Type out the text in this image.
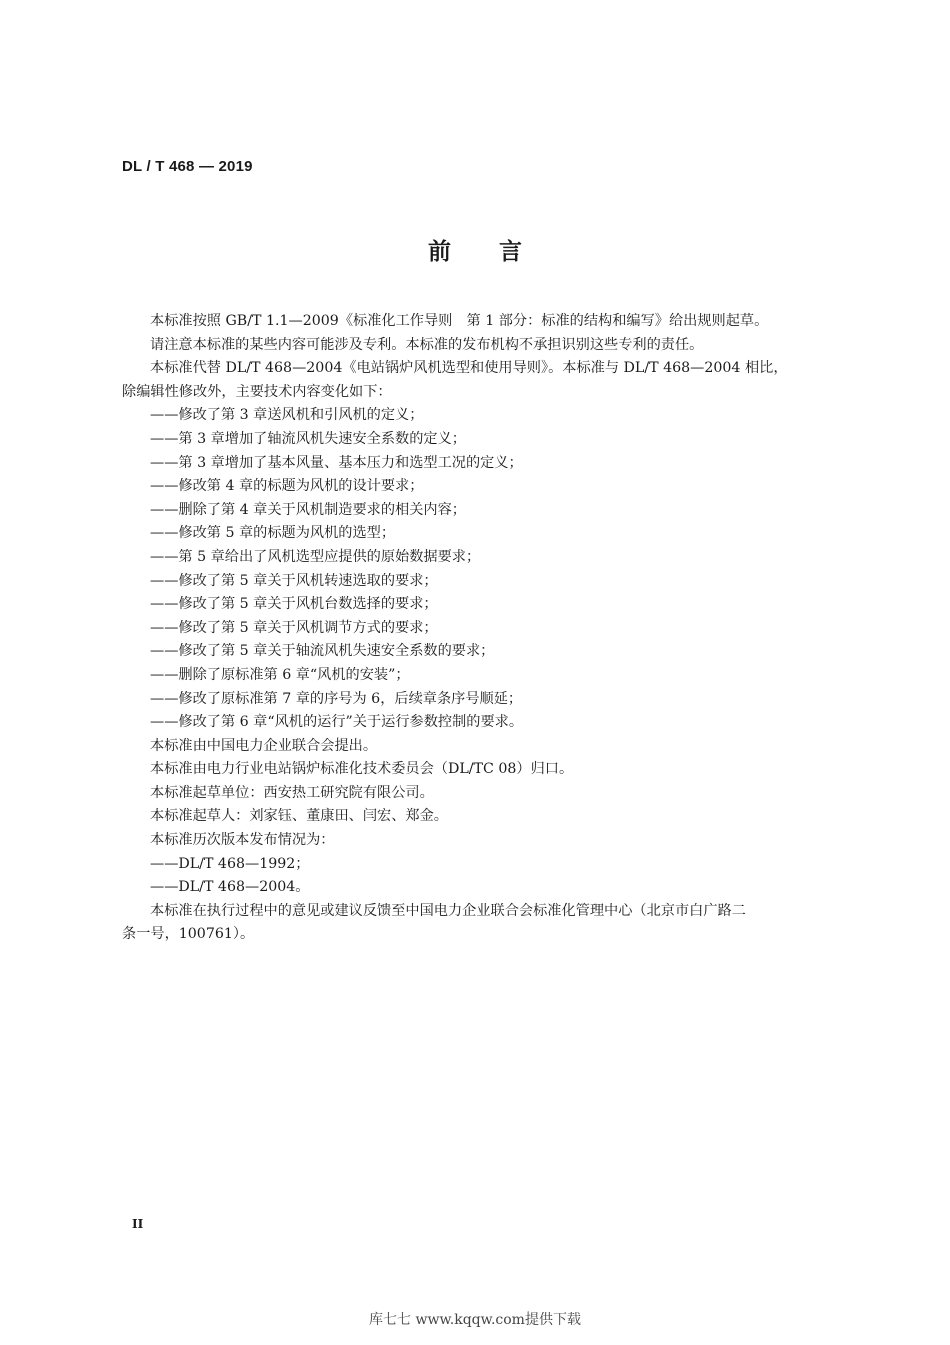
DL / T 468 — 2019
前言

本标准按照 GB/T 1.1—2009《标准化工作导则　第 1 部分：标准的结构和编写》给出规则起草。

请注意本标准的某些内容可能涉及专利。本标准的发布机构不承担识别这些专利的责任。

本标准代替 DL/T 468—2004《电站锅炉风机选型和使用导则》。本标准与 DL/T 468—2004 相比，

除编辑性修改外，主要技术内容变化如下：

——修改了第 3 章送风机和引风机的定义；

——第 3 章增加了轴流风机失速安全系数的定义；

——第 3 章增加了基本风量、基本压力和选型工况的定义；

——修改第 4 章的标题为风机的设计要求；

——删除了第 4 章关于风机制造要求的相关内容；

——修改第 5 章的标题为风机的选型；

——第 5 章给出了风机选型应提供的原始数据要求；

——修改了第 5 章关于风机转速选取的要求；

——修改了第 5 章关于风机台数选择的要求；

——修改了第 5 章关于风机调节方式的要求；

——修改了第 5 章关于轴流风机失速安全系数的要求；

——删除了原标准第 6 章“风机的安装”；

——修改了原标准第 7 章的序号为 6，后续章条序号顺延；

——修改了第 6 章“风机的运行”关于运行参数控制的要求。

本标准由中国电力企业联合会提出。

本标准由电力行业电站锅炉标准化技术委员会（DL/TC 08）归口。

本标准起草单位：西安热工研究院有限公司。

本标准起草人：刘家钰、董康田、闫宏、郑金。

本标准历次版本发布情况为：

——DL/T 468—1992；

——DL/T 468—2004。

本标准在执行过程中的意见或建议反馈至中国电力企业联合会标准化管理中心（北京市白广路二

条一号，100761）。

II
库七七 www.kqqw.com提供下载
